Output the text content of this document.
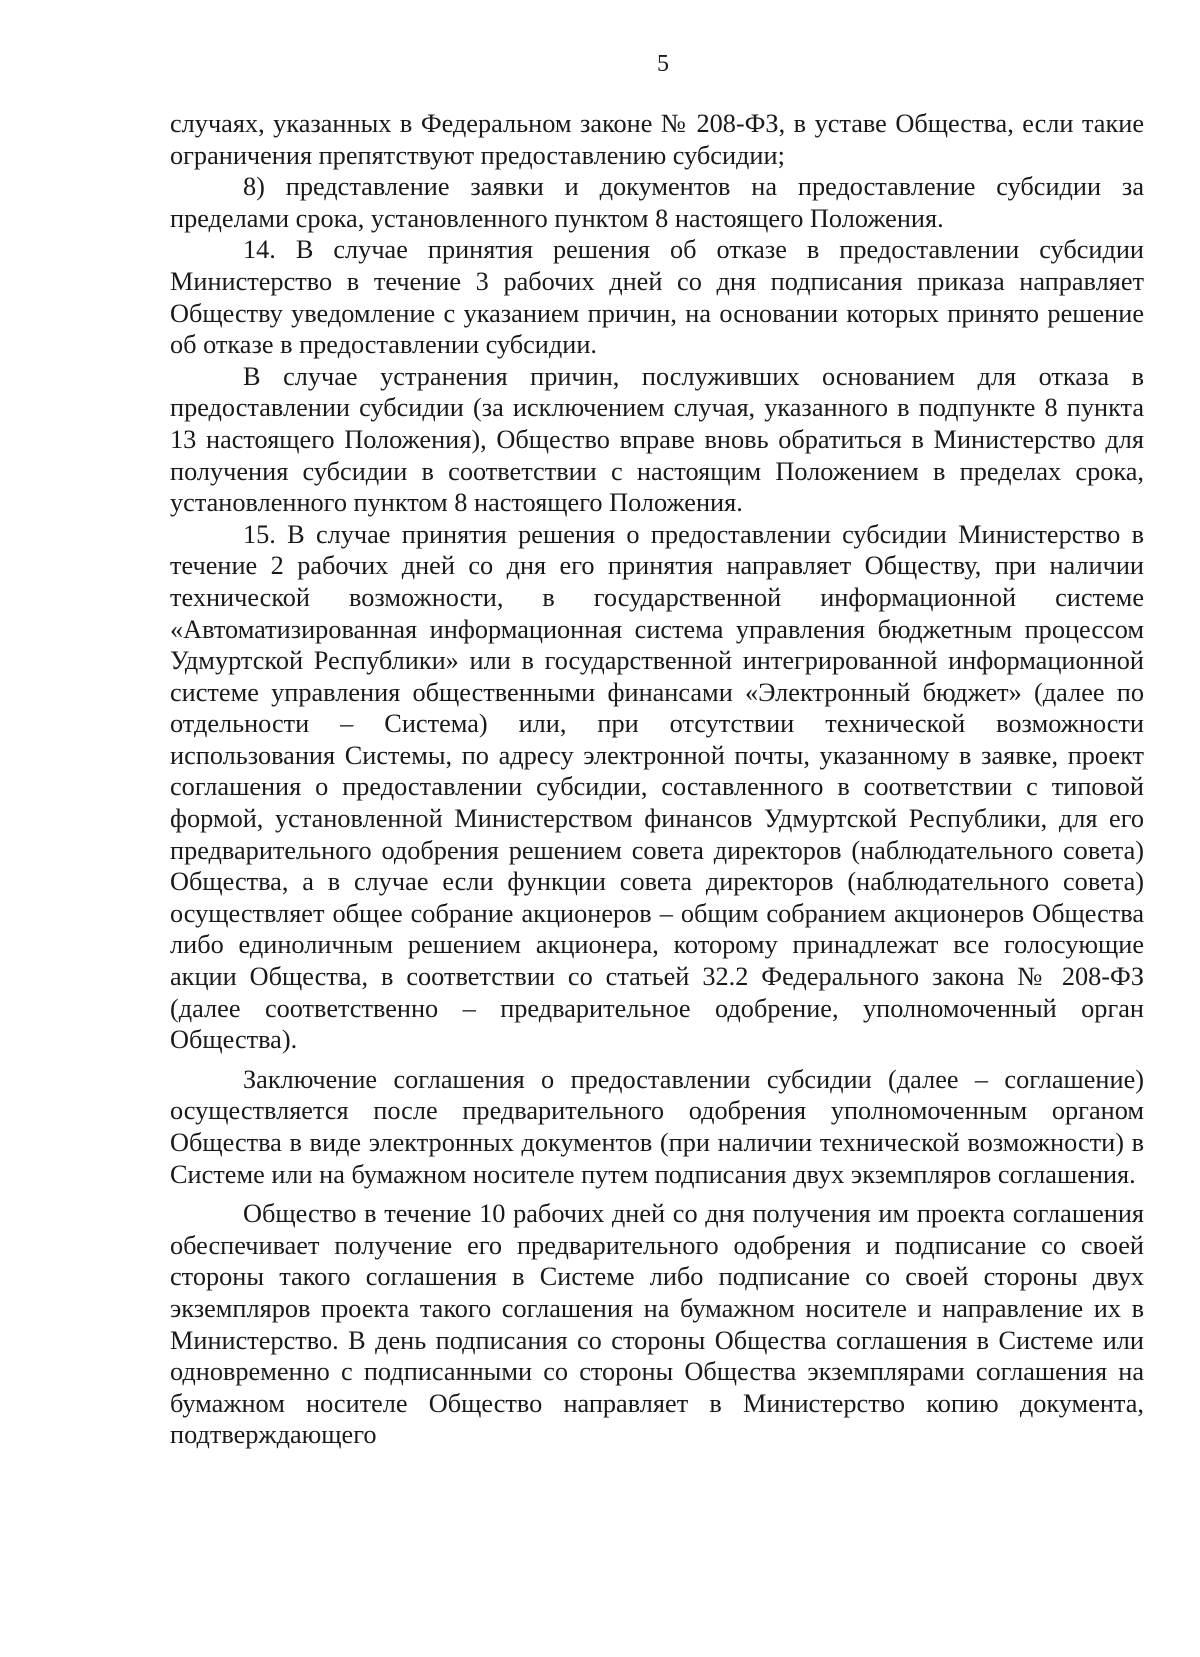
5

случаях, указанных в Федеральном законе № 208-ФЗ, в уставе Общества, если такие ограничения препятствуют предоставлению субсидии;

8) представление заявки и документов на предоставление субсидии за пределами срока, установленного пунктом 8 настоящего Положения.

14. В случае принятия решения об отказе в предоставлении субсидии Министерство в течение 3 рабочих дней со дня подписания приказа направляет Обществу уведомление с указанием причин, на основании которых принято решение об отказе в предоставлении субсидии.

В случае устранения причин, послуживших основанием для отказа в предоставлении субсидии (за исключением случая, указанного в подпункте 8 пункта 13 настоящего Положения), Общество вправе вновь обратиться в Министерство для получения субсидии в соответствии с настоящим Положением в пределах срока, установленного пунктом 8 настоящего Положения.

15. В случае принятия решения о предоставлении субсидии Министерство в течение 2 рабочих дней со дня его принятия направляет Обществу, при наличии технической возможности, в государственной информационной системе «Автоматизированная информационная система управления бюджетным процессом Удмуртской Республики» или в государственной интегрированной информационной системе управления общественными финансами «Электронный бюджет» (далее по отдельности – Система) или, при отсутствии технической возможности использования Системы, по адресу электронной почты, указанному в заявке, проект соглашения о предоставлении субсидии, составленного в соответствии с типовой формой, установленной Министерством финансов Удмуртской Республики, для его предварительного одобрения решением совета директоров (наблюдательного совета) Общества, а в случае если функции совета директоров (наблюдательного совета) осуществляет общее собрание акционеров – общим собранием акционеров Общества либо единоличным решением акционера, которому принадлежат все голосующие акции Общества, в соответствии со статьей 32.2 Федерального закона № 208-ФЗ (далее соответственно – предварительное одобрение, уполномоченный орган Общества).

Заключение соглашения о предоставлении субсидии (далее – соглашение) осуществляется после предварительного одобрения уполномоченным органом Общества в виде электронных документов (при наличии технической возможности) в Системе или на бумажном носителе путем подписания двух экземпляров соглашения.

Общество в течение 10 рабочих дней со дня получения им проекта соглашения обеспечивает получение его предварительного одобрения и подписание со своей стороны такого соглашения в Системе либо подписание со своей стороны двух экземпляров проекта такого соглашения на бумажном носителе и направление их в Министерство. В день подписания со стороны Общества соглашения в Системе или одновременно с подписанными со стороны Общества экземплярами соглашения на бумажном носителе Общество направляет в Министерство копию документа, подтверждающего
